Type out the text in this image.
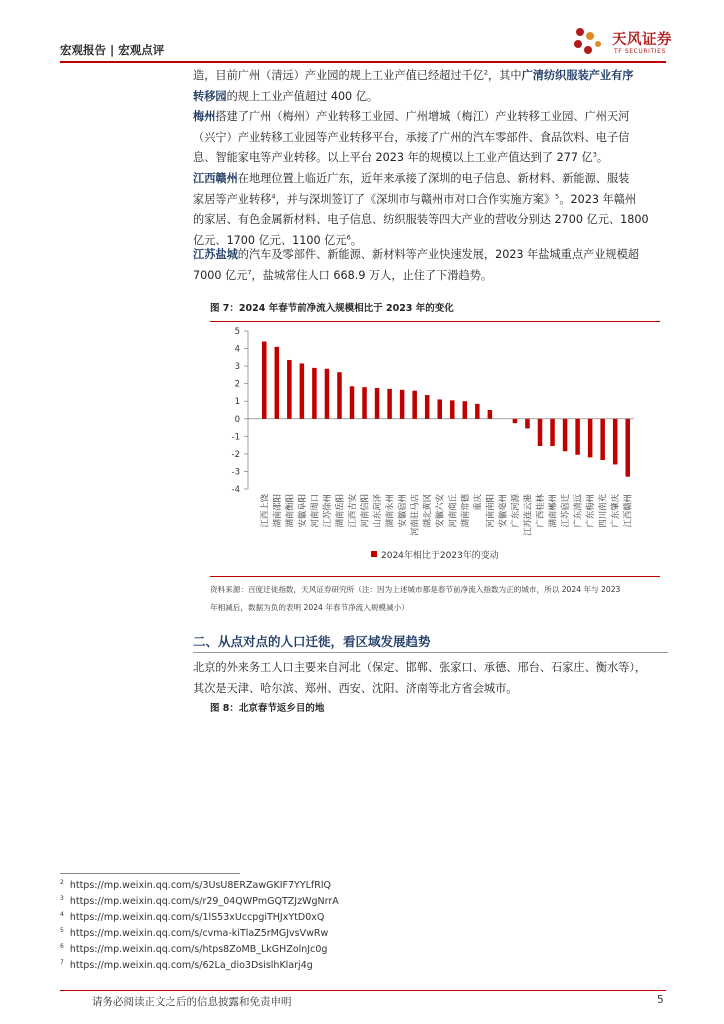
宏观报告 | 宏观点评
天风证券
TF SECURITIES
造，目前广州（清远）产业园的规上工业产值已经超过千亿$^2$，其中广清纺织服装产业有序
转移园的规上工业产值超过 400 亿。
梅州搭建了广州（梅州）产业转移工业园、广州增城（梅江）产业转移工业园、广州天河
（兴宁）产业转移工业园等产业转移平台，承接了广州的汽车零部件、食品饮料、电子信
息、智能家电等产业转移。以上平台 2023 年的规模以上工业产值达到了 277 亿$^3$。
江西赣州在地理位置上临近广东，近年来承接了深圳的电子信息、新材料、新能源、服装
家居等产业转移$^4$，并与深圳签订了《深圳市与赣州市对口合作实施方案》$^5$。2023 年赣州
的家居、有色金属新材料、电子信息、纺织服装等四大产业的营收分别达 2700 亿元、1800
亿元、1700 亿元、1100 亿元$^6$。
江苏盐城的汽车及零部件、新能源、新材料等产业快速发展，2023 年盐城重点产业规模超
7000 亿元$^7$，盐城常住人口 668.9 万人，止住了下滑趋势。
图 7：2024 年春节前净流入规模相比于 2023 年的变化
5
4
3
2
1
0
-1
-2
-3
-4
江西上饶 湖南邵阳 湖南衡阳 安徽阜阳 河南周口 江苏徐州 湖南岳阳 江西吉安 河南信阳 山东菏泽 湖南永州 安徽宿州 河南驻马店 湖北黄冈 安徽六安 河南商丘 湖南常德 重庆 河南南阳 安徽亳州 广东河源 江苏连云港 广西桂林 湖南郴州 江苏宿迁 广东清远 广东梅州 四川南充 广东肇庆 江西赣州
2024年相比于2023年的变动
资料来源：百度迁徙指数，天风证券研究所（注：因为上述城市都是春节前净流入指数为正的城市，所以 2024 年与 2023
年相减后，数据为负的表明 2024 年春节净流入规模减小）
二、从点对点的人口迁徙，看区域发展趋势
北京的外来务工人口主要来自河北（保定、邯郸、张家口、承德、邢台、石家庄、衡水等），
其次是天津、哈尔滨、郑州、西安、沈阳、济南等北方省会城市。
图 8：北京春节返乡目的地
$^2$ https://mp.weixin.qq.com/s/3UsU8ERZawGKIF7YYLfRlQ
$^3$ https://mp.weixin.qq.com/s/r29_04QWPmGQTZJzWgNrrA
$^4$ https://mp.weixin.qq.com/s/1lS53xUccpgiTHJxYtD0xQ
$^5$ https://mp.weixin.qq.com/s/cvma-kiTlaZ5rMGJvsVwRw
$^6$ https://mp.weixin.qq.com/s/htps8ZoMB_LkGHZolnJc0g
$^7$ https://mp.weixin.qq.com/s/62La_dio3DsislhKlarj4g
请务必阅读正文之后的信息披露和免责申明	5
